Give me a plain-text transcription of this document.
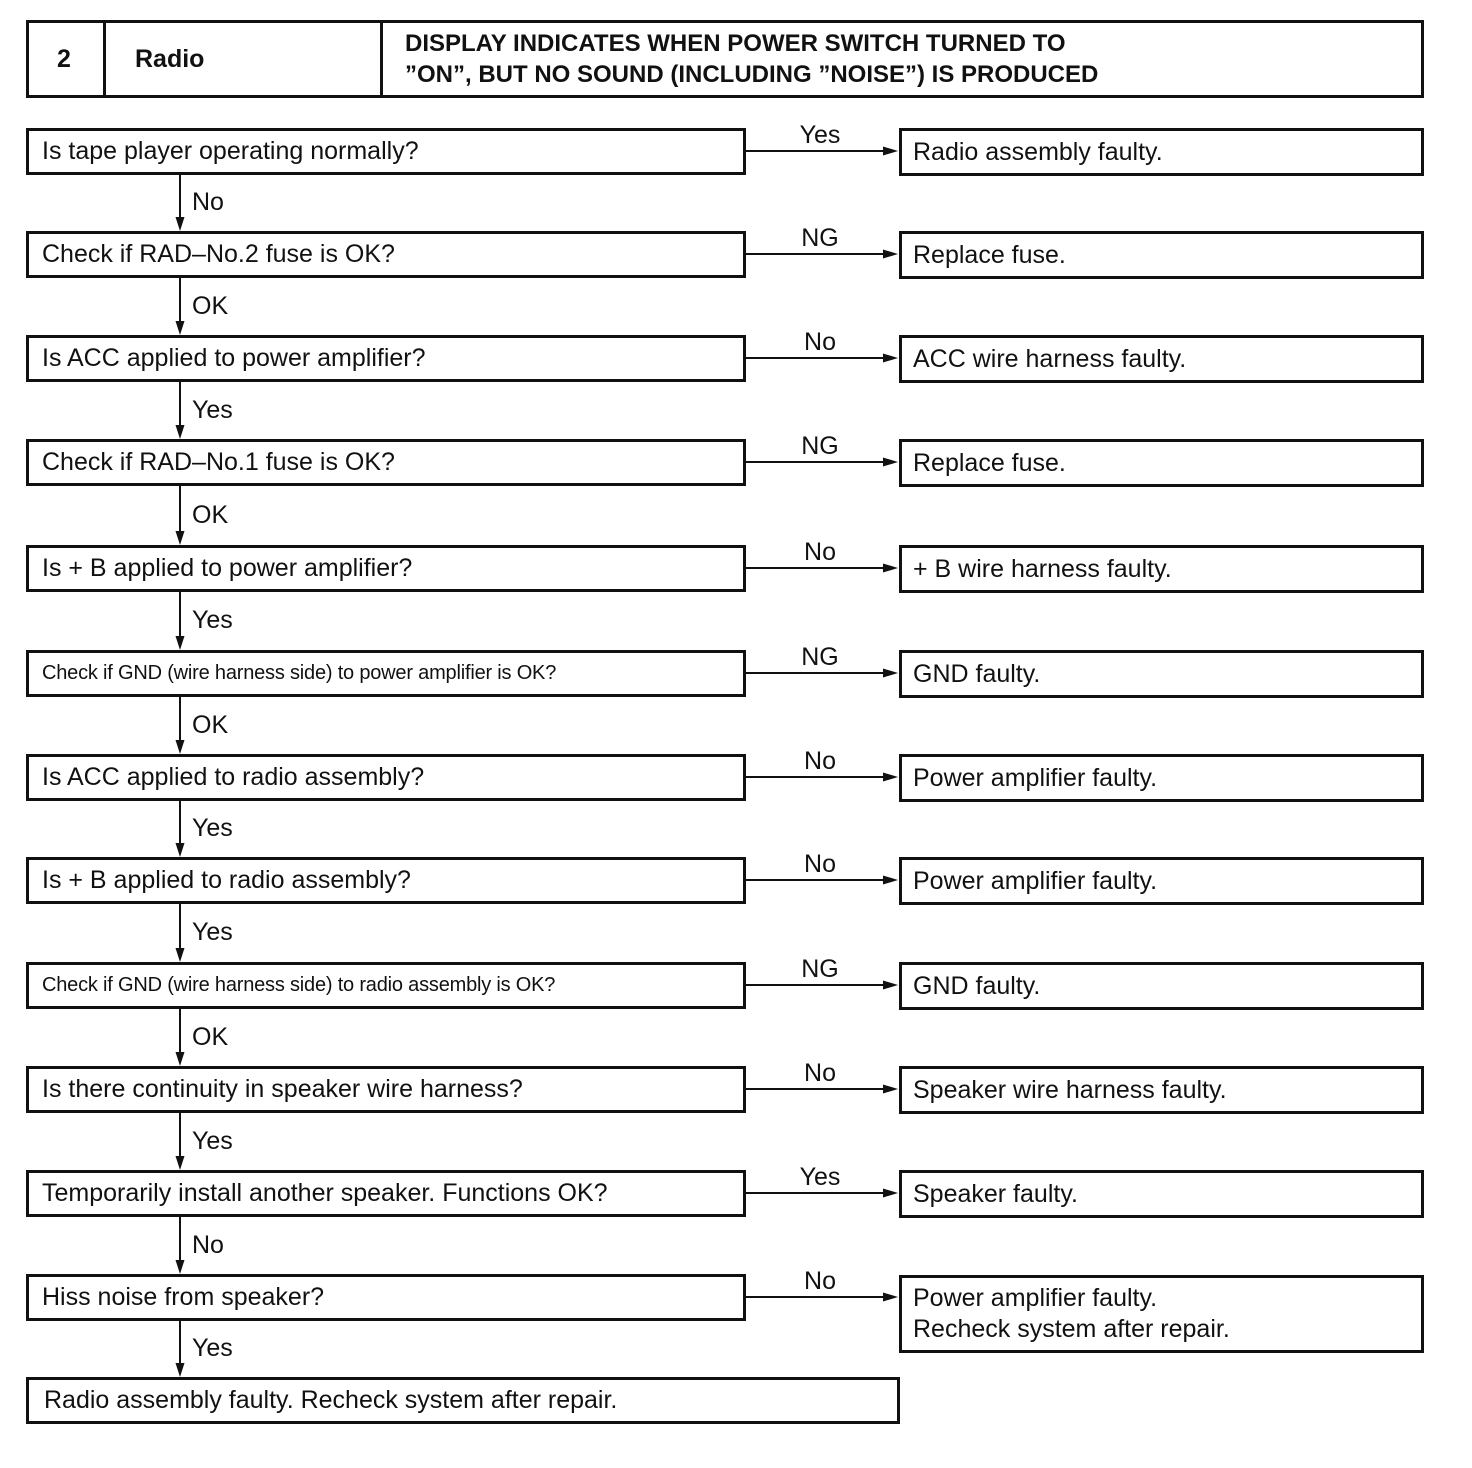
2	Radio
DISPLAY INDICATES WHEN POWER SWITCH TURNED TO
”ON”, BUT NO SOUND (INCLUDING ”NOISE”) IS PRODUCED
Is tape player operating normally?
Yes
Radio assembly faulty.
No
Check if RAD–No.2 fuse is OK?
NG
Replace fuse.
OK
Is ACC applied to power amplifier?
No
ACC wire harness faulty.
Yes
Check if RAD–No.1 fuse is OK?
NG
Replace fuse.
OK
Is + B applied to power amplifier?
No
+ B wire harness faulty.
Yes
Check if GND (wire harness side) to power amplifier is OK?
NG
GND faulty.
OK
Is ACC applied to radio assembly?
No
Power amplifier faulty.
Yes
Is + B applied to radio assembly?
No
Power amplifier faulty.
Yes
Check if GND (wire harness side) to radio assembly is OK?
NG
GND faulty.
OK
Is there continuity in speaker wire harness?
No
Speaker wire harness faulty.
Yes
Temporarily install another speaker. Functions OK?
Yes
Speaker faulty.
No
Hiss noise from speaker?
No
Power amplifier faulty.
Recheck system after repair.
Yes
Radio assembly faulty. Recheck system after repair.
